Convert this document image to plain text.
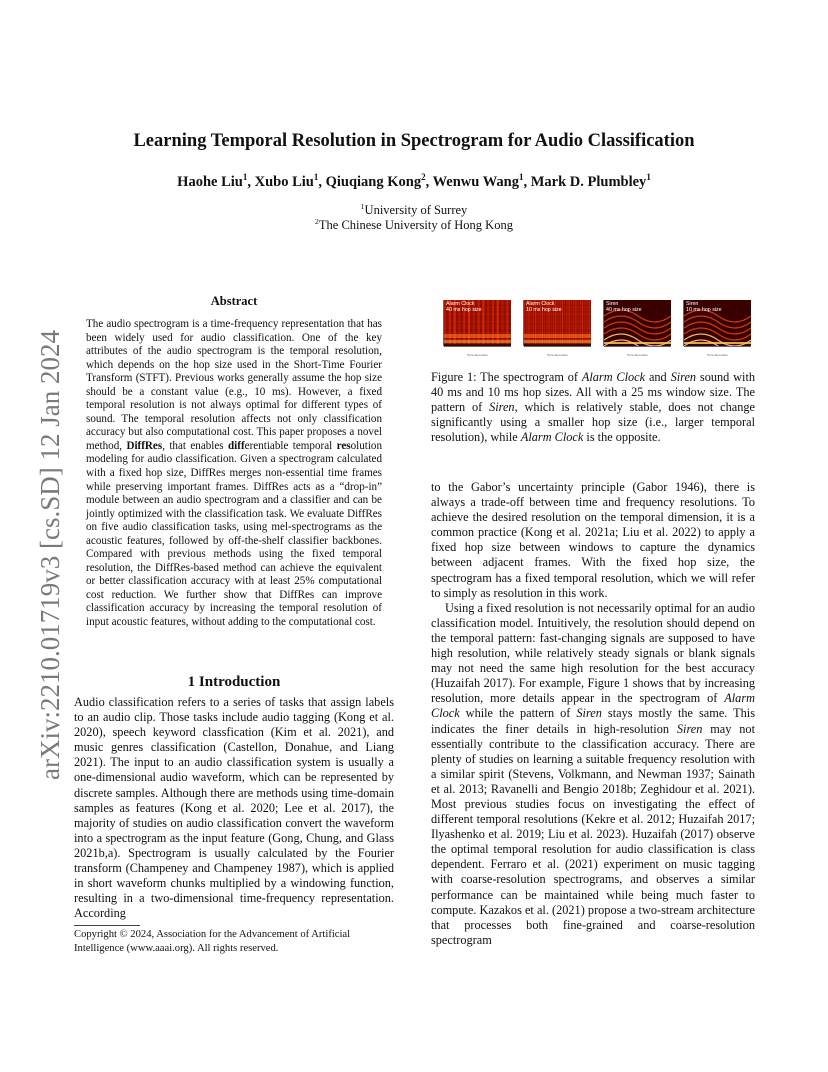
arXiv:2210.01719v3 [cs.SD] 12 Jan 2024
Learning Temporal Resolution in Spectrogram for Audio Classification
Haohe Liu$^1$, Xubo Liu$^1$, Qiuqiang Kong$^2$, Wenwu Wang$^1$, Mark D. Plumbley$^1$
$^1$University of Surrey
$^2$The Chinese University of Hong Kong
Abstract
The audio spectrogram is a time-frequency representation that has been widely used for audio classification. One of the key attributes of the audio spectrogram is the temporal resolution, which depends on the hop size used in the Short-Time Fourier Transform (STFT). Previous works generally assume the hop size should be a constant value (e.g., 10 ms). However, a fixed temporal resolution is not always optimal for different types of sound. The temporal resolution affects not only classification accuracy but also computational cost. This paper proposes a novel method, DiffRes, that enables differentiable temporal resolution modeling for audio classification. Given a spectrogram calculated with a fixed hop size, DiffRes merges non-essential time frames while preserving important frames. DiffRes acts as a “drop-in” module between an audio spectrogram and a classifier and can be jointly optimized with the classification task. We evaluate DiffRes on five audio classification tasks, using mel-spectrograms as the acoustic features, followed by off-the-shelf classifier backbones. Compared with previous methods using the fixed temporal resolution, the DiffRes-based method can achieve the equivalent or better classification accuracy with at least 25% computational cost reduction. We further show that DiffRes can improve classification accuracy by increasing the temporal resolution of input acoustic features, without adding to the computational cost.
1 Introduction

Audio classification refers to a series of tasks that assign labels to an audio clip. Those tasks include audio tagging (Kong et al. 2020), speech keyword classfication (Kim et al. 2021), and music genres classification (Castellon, Donahue, and Liang 2021). The input to an audio classification system is usually a one-dimensional audio waveform, which can be represented by discrete samples. Although there are methods using time-domain samples as features (Kong et al. 2020; Lee et al. 2017), the majority of studies on audio classification convert the waveform into a spectrogram as the input feature (Gong, Chung, and Glass 2021b,a). Spectrogram is usually calculated by the Fourier transform (Champeney and Champeney 1987), which is applied in short waveform chunks multiplied by a windowing function, resulting in a two-dimensional time-frequency representation. According

Copyright © 2024, Association for the Advancement of Artificial Intelligence (www.aaai.org). All rights reserved.
Alarm Clock
40 ms hop size
Time dimension
Alarm Clock
10 ms hop size
Time dimension
Siren
40 ms hop size
Time dimension
Siren
10 ms hop size
Time dimension
Figure 1: The spectrogram of Alarm Clock and Siren sound with 40 ms and 10 ms hop sizes. All with a 25 ms window size. The pattern of Siren, which is relatively stable, does not change significantly using a smaller hop size (i.e., larger temporal resolution), while Alarm Clock is the opposite.

to the Gabor’s uncertainty principle (Gabor 1946), there is always a trade-off between time and frequency resolutions. To achieve the desired resolution on the temporal dimension, it is a common practice (Kong et al. 2021a; Liu et al. 2022) to apply a fixed hop size between windows to capture the dynamics between adjacent frames. With the fixed hop size, the spectrogram has a fixed temporal resolution, which we will refer to simply as resolution in this work.

Using a fixed resolution is not necessarily optimal for an audio classification model. Intuitively, the resolution should depend on the temporal pattern: fast-changing signals are supposed to have high resolution, while relatively steady signals or blank signals may not need the same high resolution for the best accuracy (Huzaifah 2017). For example, Figure 1 shows that by increasing resolution, more details appear in the spectrogram of Alarm Clock while the pattern of Siren stays mostly the same. This indicates the finer details in high-resolution Siren may not essentially contribute to the classification accuracy. There are plenty of studies on learning a suitable frequency resolution with a similar spirit (Stevens, Volkmann, and Newman 1937; Sainath et al. 2013; Ravanelli and Bengio 2018b; Zeghidour et al. 2021). Most previous studies focus on investigating the effect of different temporal resolutions (Kekre et al. 2012; Huzaifah 2017; Ilyashenko et al. 2019; Liu et al. 2023). Huzaifah (2017) observe the optimal temporal resolution for audio classification is class dependent. Ferraro et al. (2021) experiment on music tagging with coarse-resolution spectrograms, and observes a similar performance can be maintained while being much faster to compute. Kazakos et al. (2021) propose a two-stream architecture that processes both fine-grained and coarse-resolution spectrogram
